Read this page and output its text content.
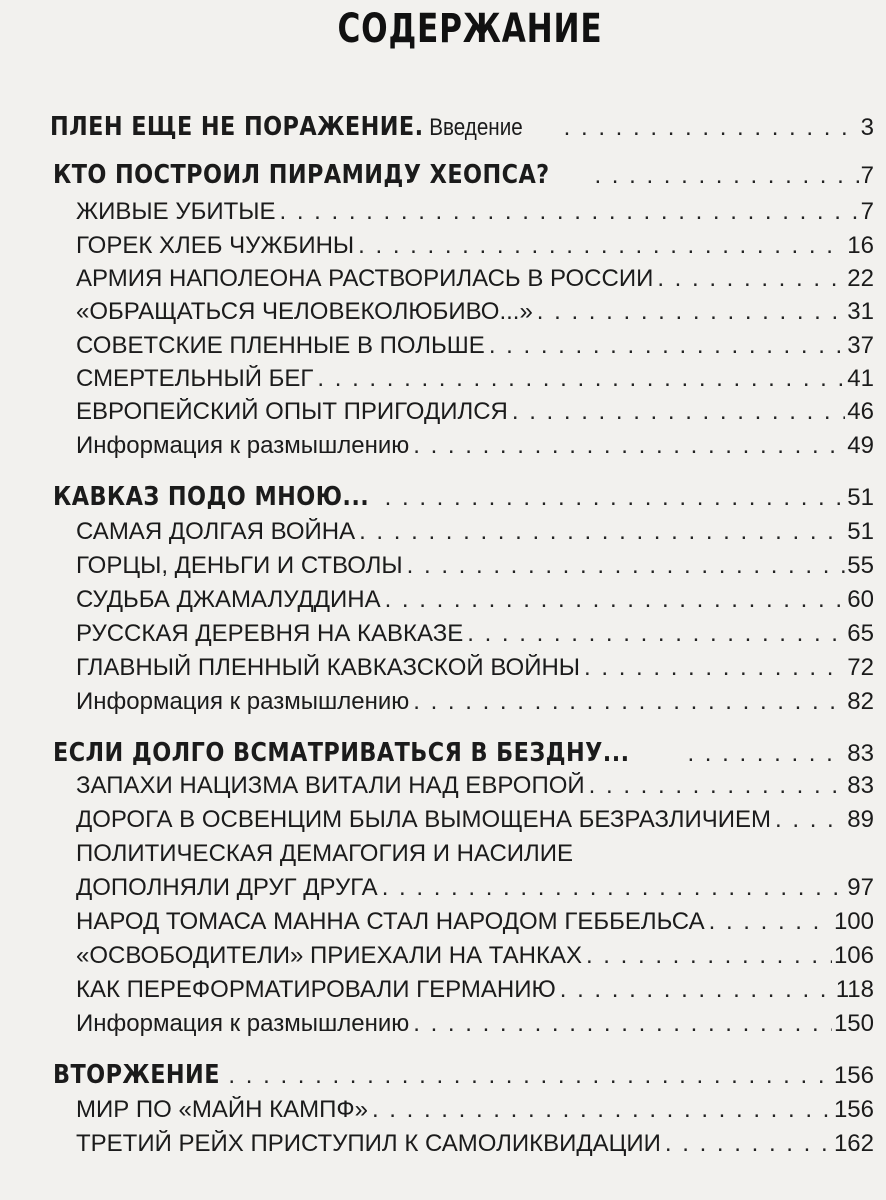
СОДЕРЖАНИЕ
ПЛЕН ЕЩЕ НЕ ПОРАЖЕНИЕ. Введение . . .	3
КТО ПОСТРОИЛ ПИРАМИДУ ХЕОПСА? . . .	7
ЖИВЫЕ УБИТЫЕ . . .	7
ГОРЕК ХЛЕБ ЧУЖБИНЫ . . .	16
АРМИЯ НАПОЛЕОНА РАСТВОРИЛАСЬ В РОССИИ . . .	22
«ОБРАЩАТЬСЯ ЧЕЛОВЕКОЛЮБИВО...» . . .	31
СОВЕТСКИЕ ПЛЕННЫЕ В ПОЛЬШЕ . . .	37
СМЕРТЕЛЬНЫЙ БЕГ . . .	41
ЕВРОПЕЙСКИЙ ОПЫТ ПРИГОДИЛСЯ . . .	46
Информация к размышлению . . .	49
КАВКАЗ ПОДО МНОЮ... . . .	51
САМАЯ ДОЛГАЯ ВОЙНА . . .	51
ГОРЦЫ, ДЕНЬГИ И СТВОЛЫ . . .	55
СУДЬБА ДЖАМАЛУДДИНА . . .	60
РУССКАЯ ДЕРЕВНЯ НА КАВКАЗЕ . . .	65
ГЛАВНЫЙ ПЛЕННЫЙ КАВКАЗСКОЙ ВОЙНЫ . . .	72
Информация к размышлению . . .	82
ЕСЛИ ДОЛГО ВСМАТРИВАТЬСЯ В БЕЗДНУ... . . .	83
ЗАПАХИ НАЦИЗМА ВИТАЛИ НАД ЕВРОПОЙ . . .	83
ДОРОГА В ОСВЕНЦИМ БЫЛА ВЫМОЩЕНА БЕЗРАЗЛИЧИЕМ . . .	89
ПОЛИТИЧЕСКАЯ ДЕМАГОГИЯ И НАСИЛИЕ
ДОПОЛНЯЛИ ДРУГ ДРУГА . . .	97
НАРОД ТОМАСА МАННА СТАЛ НАРОДОМ ГЕББЕЛЬСА . . .	100
«ОСВОБОДИТЕЛИ» ПРИЕХАЛИ НА ТАНКАХ . . .	106
КАК ПЕРЕФОРМАТИРОВАЛИ ГЕРМАНИЮ . . .	118
Информация к размышлению . . .	150
ВТОРЖЕНИЕ . . .	156
МИР ПО «МАЙН КАМПФ» . . .	156
ТРЕТИЙ РЕЙХ ПРИСТУПИЛ К САМОЛИКВИДАЦИИ . . .	162
